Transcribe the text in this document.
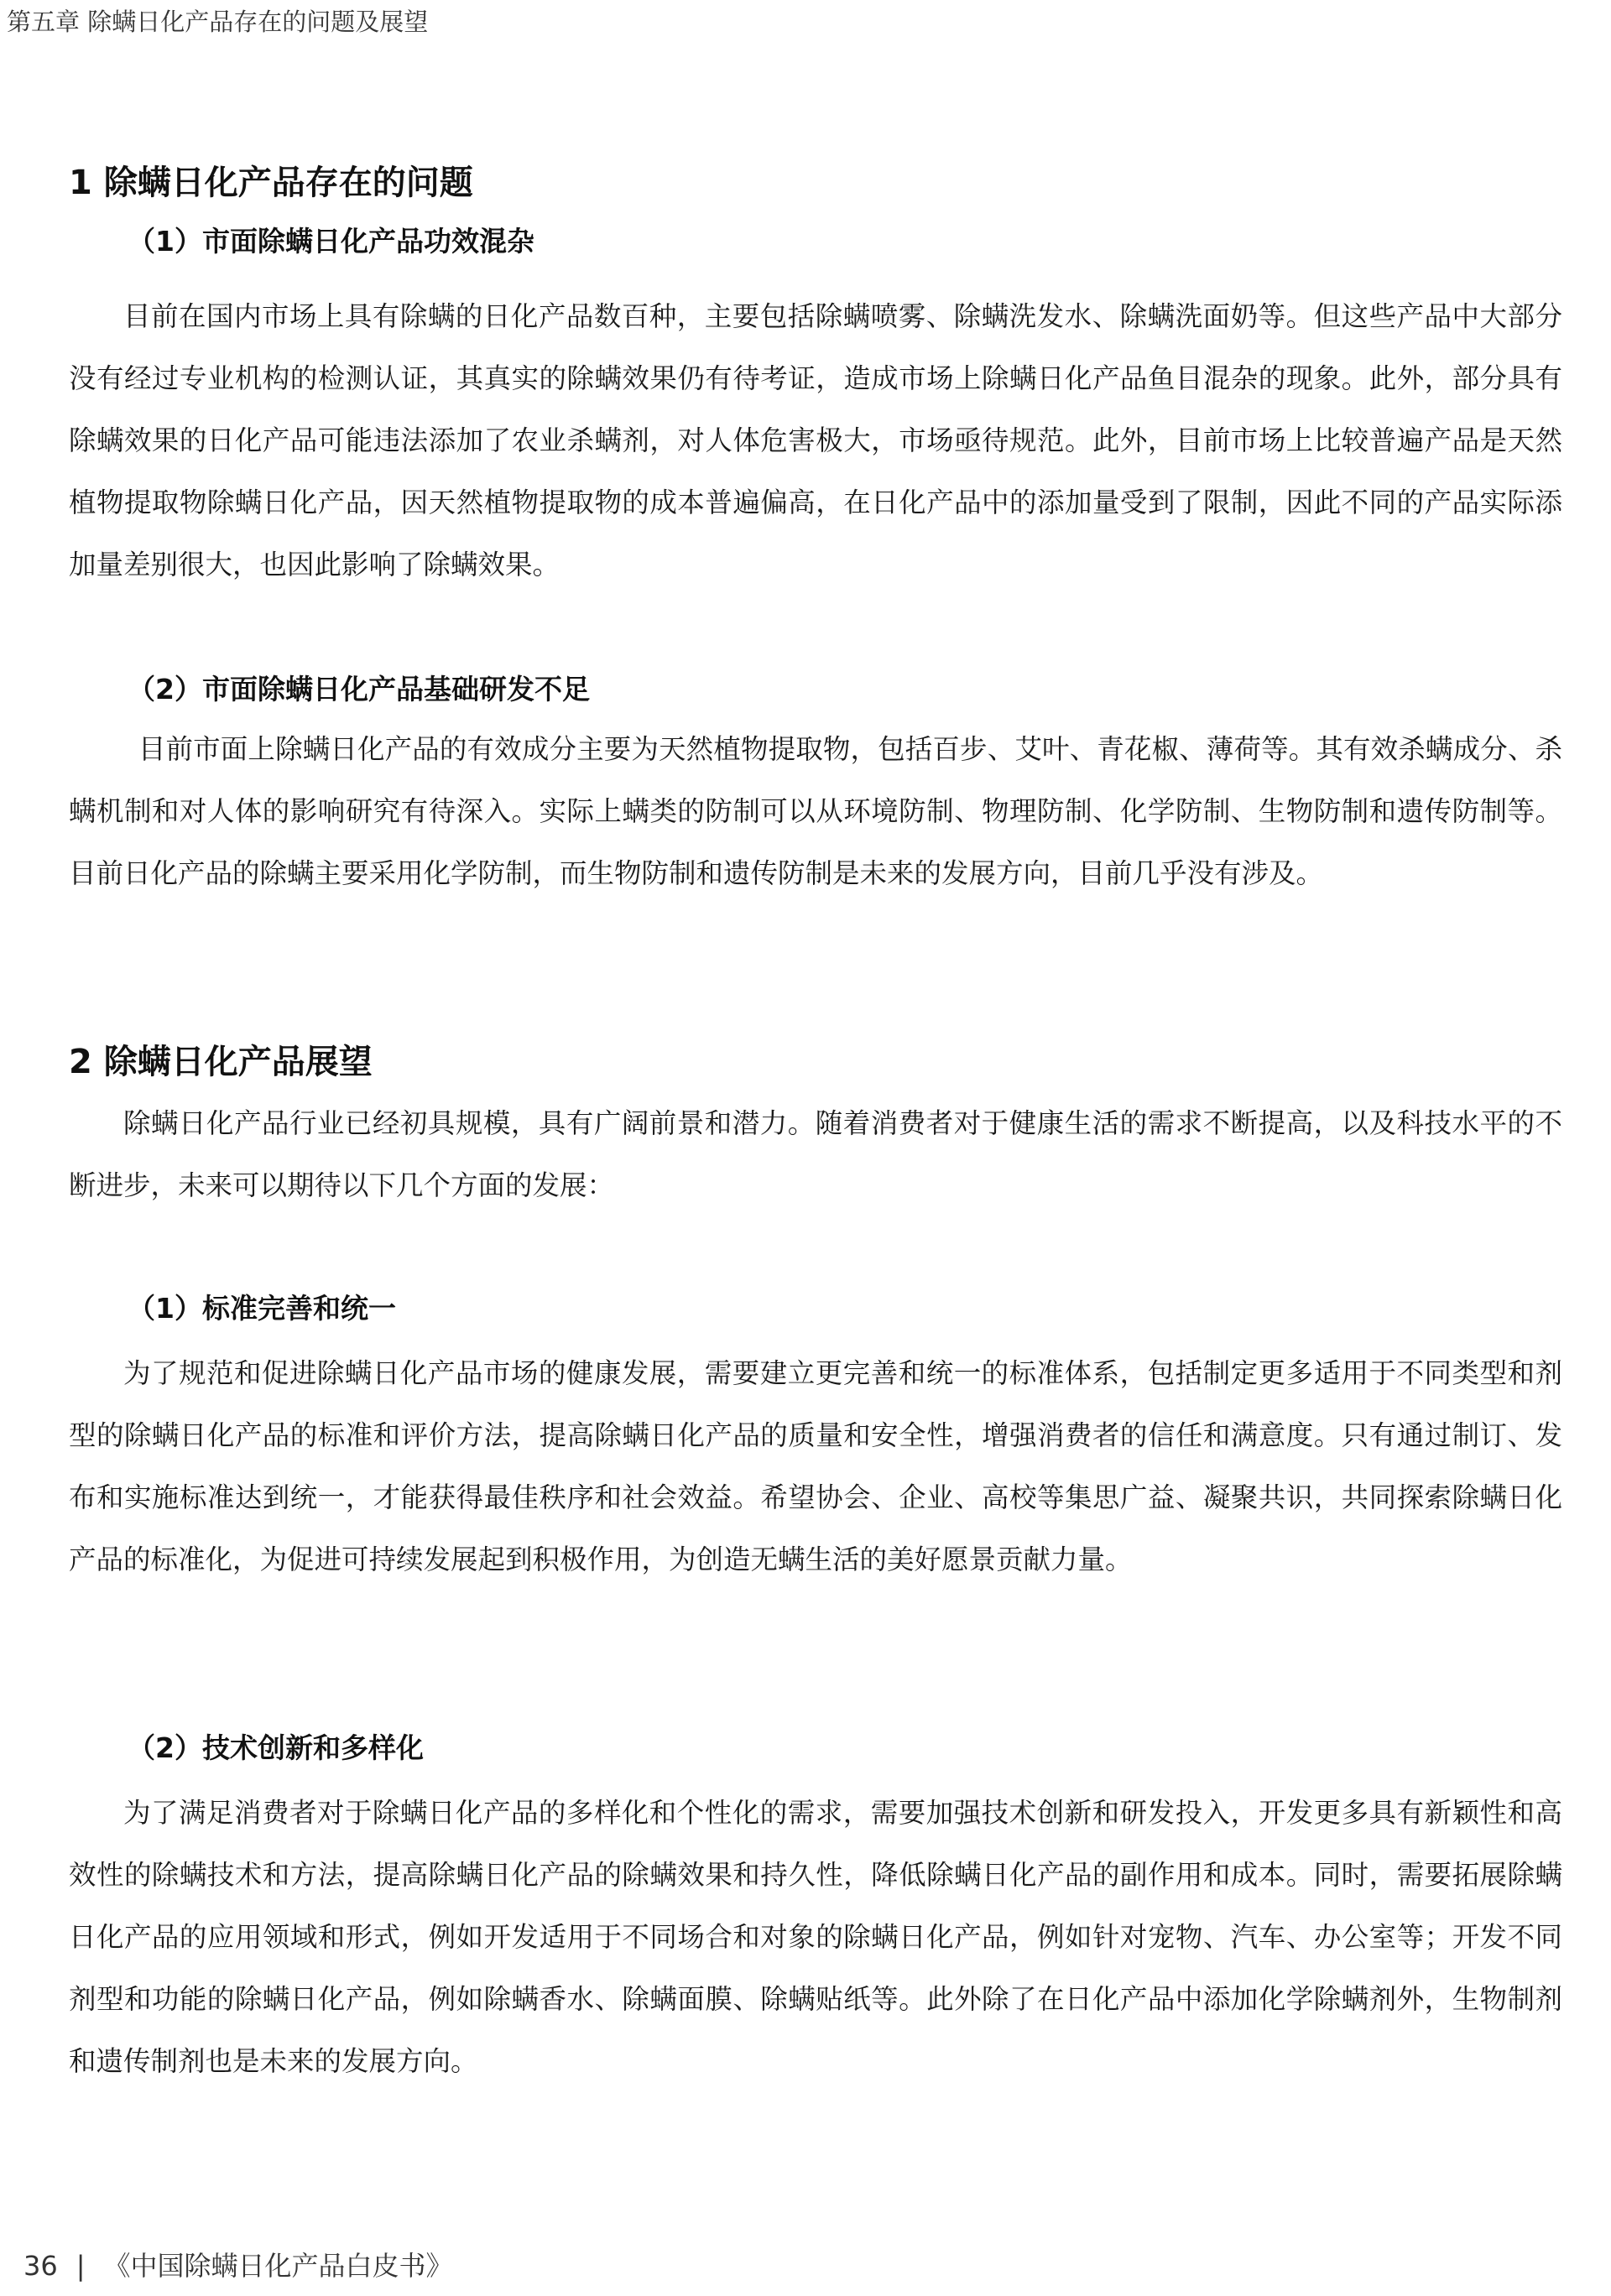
第五章 除螨日化产品存在的问题及展望
1 除螨日化产品存在的问题
（1）市面除螨日化产品功效混杂
目前在国内市场上具有除螨的日化产品数百种，主要包括除螨喷雾、除螨洗发水、除螨洗面奶等。但这些产品中大部分没有经过专业机构的检测认证，其真实的除螨效果仍有待考证，造成市场上除螨日化产品鱼目混杂的现象。此外，部分具有除螨效果的日化产品可能违法添加了农业杀螨剂，对人体危害极大，市场亟待规范。此外，目前市场上比较普遍产品是天然植物提取物除螨日化产品，因天然植物提取物的成本普遍偏高，在日化产品中的添加量受到了限制，因此不同的产品实际添加量差别很大，也因此影响了除螨效果。
（2）市面除螨日化产品基础研发不足
目前市面上除螨日化产品的有效成分主要为天然植物提取物，包括百步、艾叶、青花椒、薄荷等。其有效杀螨成分、杀螨机制和对人体的影响研究有待深入。实际上螨类的防制可以从环境防制、物理防制、化学防制、生物防制和遗传防制等。目前日化产品的除螨主要采用化学防制，而生物防制和遗传防制是未来的发展方向，目前几乎没有涉及。
2 除螨日化产品展望
除螨日化产品行业已经初具规模，具有广阔前景和潜力。随着消费者对于健康生活的需求不断提高，以及科技水平的不断进步，未来可以期待以下几个方面的发展：
（1）标准完善和统一
为了规范和促进除螨日化产品市场的健康发展，需要建立更完善和统一的标准体系，包括制定更多适用于不同类型和剂型的除螨日化产品的标准和评价方法，提高除螨日化产品的质量和安全性，增强消费者的信任和满意度。只有通过制订、发布和实施标准达到统一，才能获得最佳秩序和社会效益。希望协会、企业、高校等集思广益、凝聚共识，共同探索除螨日化产品的标准化，为促进可持续发展起到积极作用，为创造无螨生活的美好愿景贡献力量。
（2）技术创新和多样化
为了满足消费者对于除螨日化产品的多样化和个性化的需求，需要加强技术创新和研发投入，开发更多具有新颖性和高效性的除螨技术和方法，提高除螨日化产品的除螨效果和持久性，降低除螨日化产品的副作用和成本。同时，需要拓展除螨日化产品的应用领域和形式，例如开发适用于不同场合和对象的除螨日化产品，例如针对宠物、汽车、办公室等；开发不同剂型和功能的除螨日化产品，例如除螨香水、除螨面膜、除螨贴纸等。此外除了在日化产品中添加化学除螨剂外，生物制剂和遗传制剂也是未来的发展方向。
36 | 《中国除螨日化产品白皮书》
